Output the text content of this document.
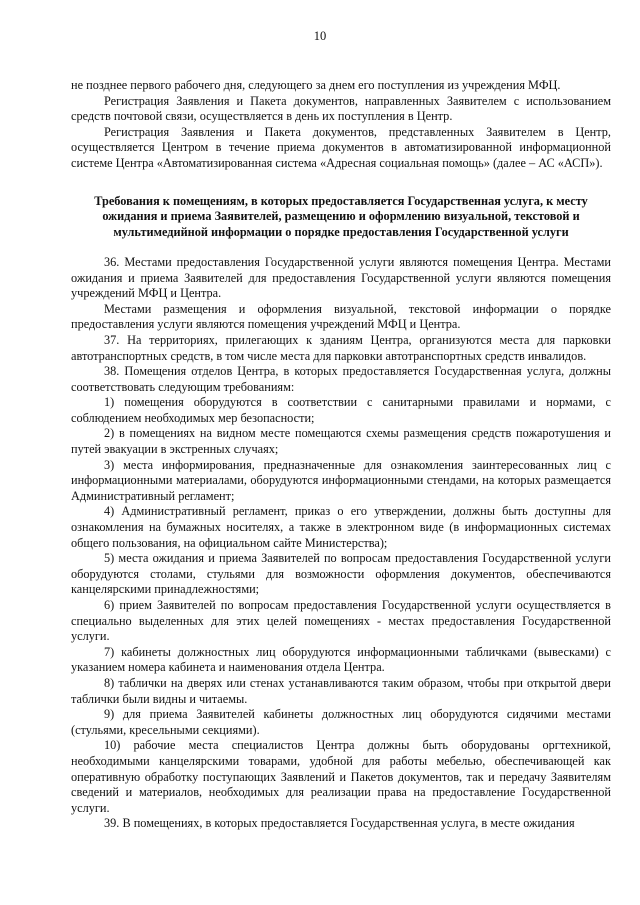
10

не позднее первого рабочего дня, следующего за днем его поступления из учреждения МФЦ.

Регистрация Заявления и Пакета документов, направленных Заявителем с использованием средств почтовой связи, осуществляется в день их поступления в Центр.

Регистрация Заявления и Пакета документов, представленных Заявителем в Центр, осуществляется Центром в течение приема документов в автоматизированной информационной системе Центра «Автоматизированная система «Адресная социальная помощь» (далее – АС «АСП»).

Требования к помещениям, в которых предоставляется Государственная услуга, к месту ожидания и приема Заявителей, размещению и оформлению визуальной, текстовой и мультимедийной информации о порядке предоставления Государственной услуги

36. Местами предоставления Государственной услуги являются помещения Центра. Местами ожидания и приема Заявителей для предоставления Государственной услуги являются помещения учреждений МФЦ и Центра.

Местами размещения и оформления визуальной, текстовой информации о порядке предоставления услуги являются помещения учреждений МФЦ и Центра.

37. На территориях, прилегающих к зданиям Центра, организуются места для парковки автотранспортных средств, в том числе места для парковки автотранспортных средств инвалидов.

38. Помещения отделов Центра, в которых предоставляется Государственная услуга, должны соответствовать следующим требованиям:

1) помещения оборудуются в соответствии с санитарными правилами и нормами, с соблюдением необходимых мер безопасности;

2) в помещениях на видном месте помещаются схемы размещения средств пожаротушения и путей эвакуации в экстренных случаях;

3) места информирования, предназначенные для ознакомления заинтересованных лиц с информационными материалами, оборудуются информационными стендами, на которых размещается Административный регламент;

4) Административный регламент, приказ о его утверждении, должны быть доступны для ознакомления на бумажных носителях, а также в электронном виде (в информационных системах общего пользования, на официальном сайте Министерства);

5) места ожидания и приема Заявителей по вопросам предоставления Государственной услуги оборудуются столами, стульями для возможности оформления документов, обеспечиваются канцелярскими принадлежностями;

6) прием Заявителей по вопросам предоставления Государственной услуги осуществляется в специально выделенных для этих целей помещениях - местах предоставления Государственной услуги.

7) кабинеты должностных лиц оборудуются информационными табличками (вывесками) с указанием номера кабинета и наименования отдела Центра.

8) таблички на дверях или стенах устанавливаются таким образом, чтобы при открытой двери таблички были видны и читаемы.

9) для приема Заявителей кабинеты должностных лиц оборудуются сидячими местами (стульями, кресельными секциями).

10) рабочие места специалистов Центра должны быть оборудованы оргтехникой, необходимыми канцелярскими товарами, удобной для работы мебелью, обеспечивающей как оперативную обработку поступающих Заявлений и Пакетов документов, так и передачу Заявителям сведений и материалов, необходимых для реализации права на предоставление Государственной услуги.

39. В помещениях, в которых предоставляется Государственная услуга, в месте ожидания
